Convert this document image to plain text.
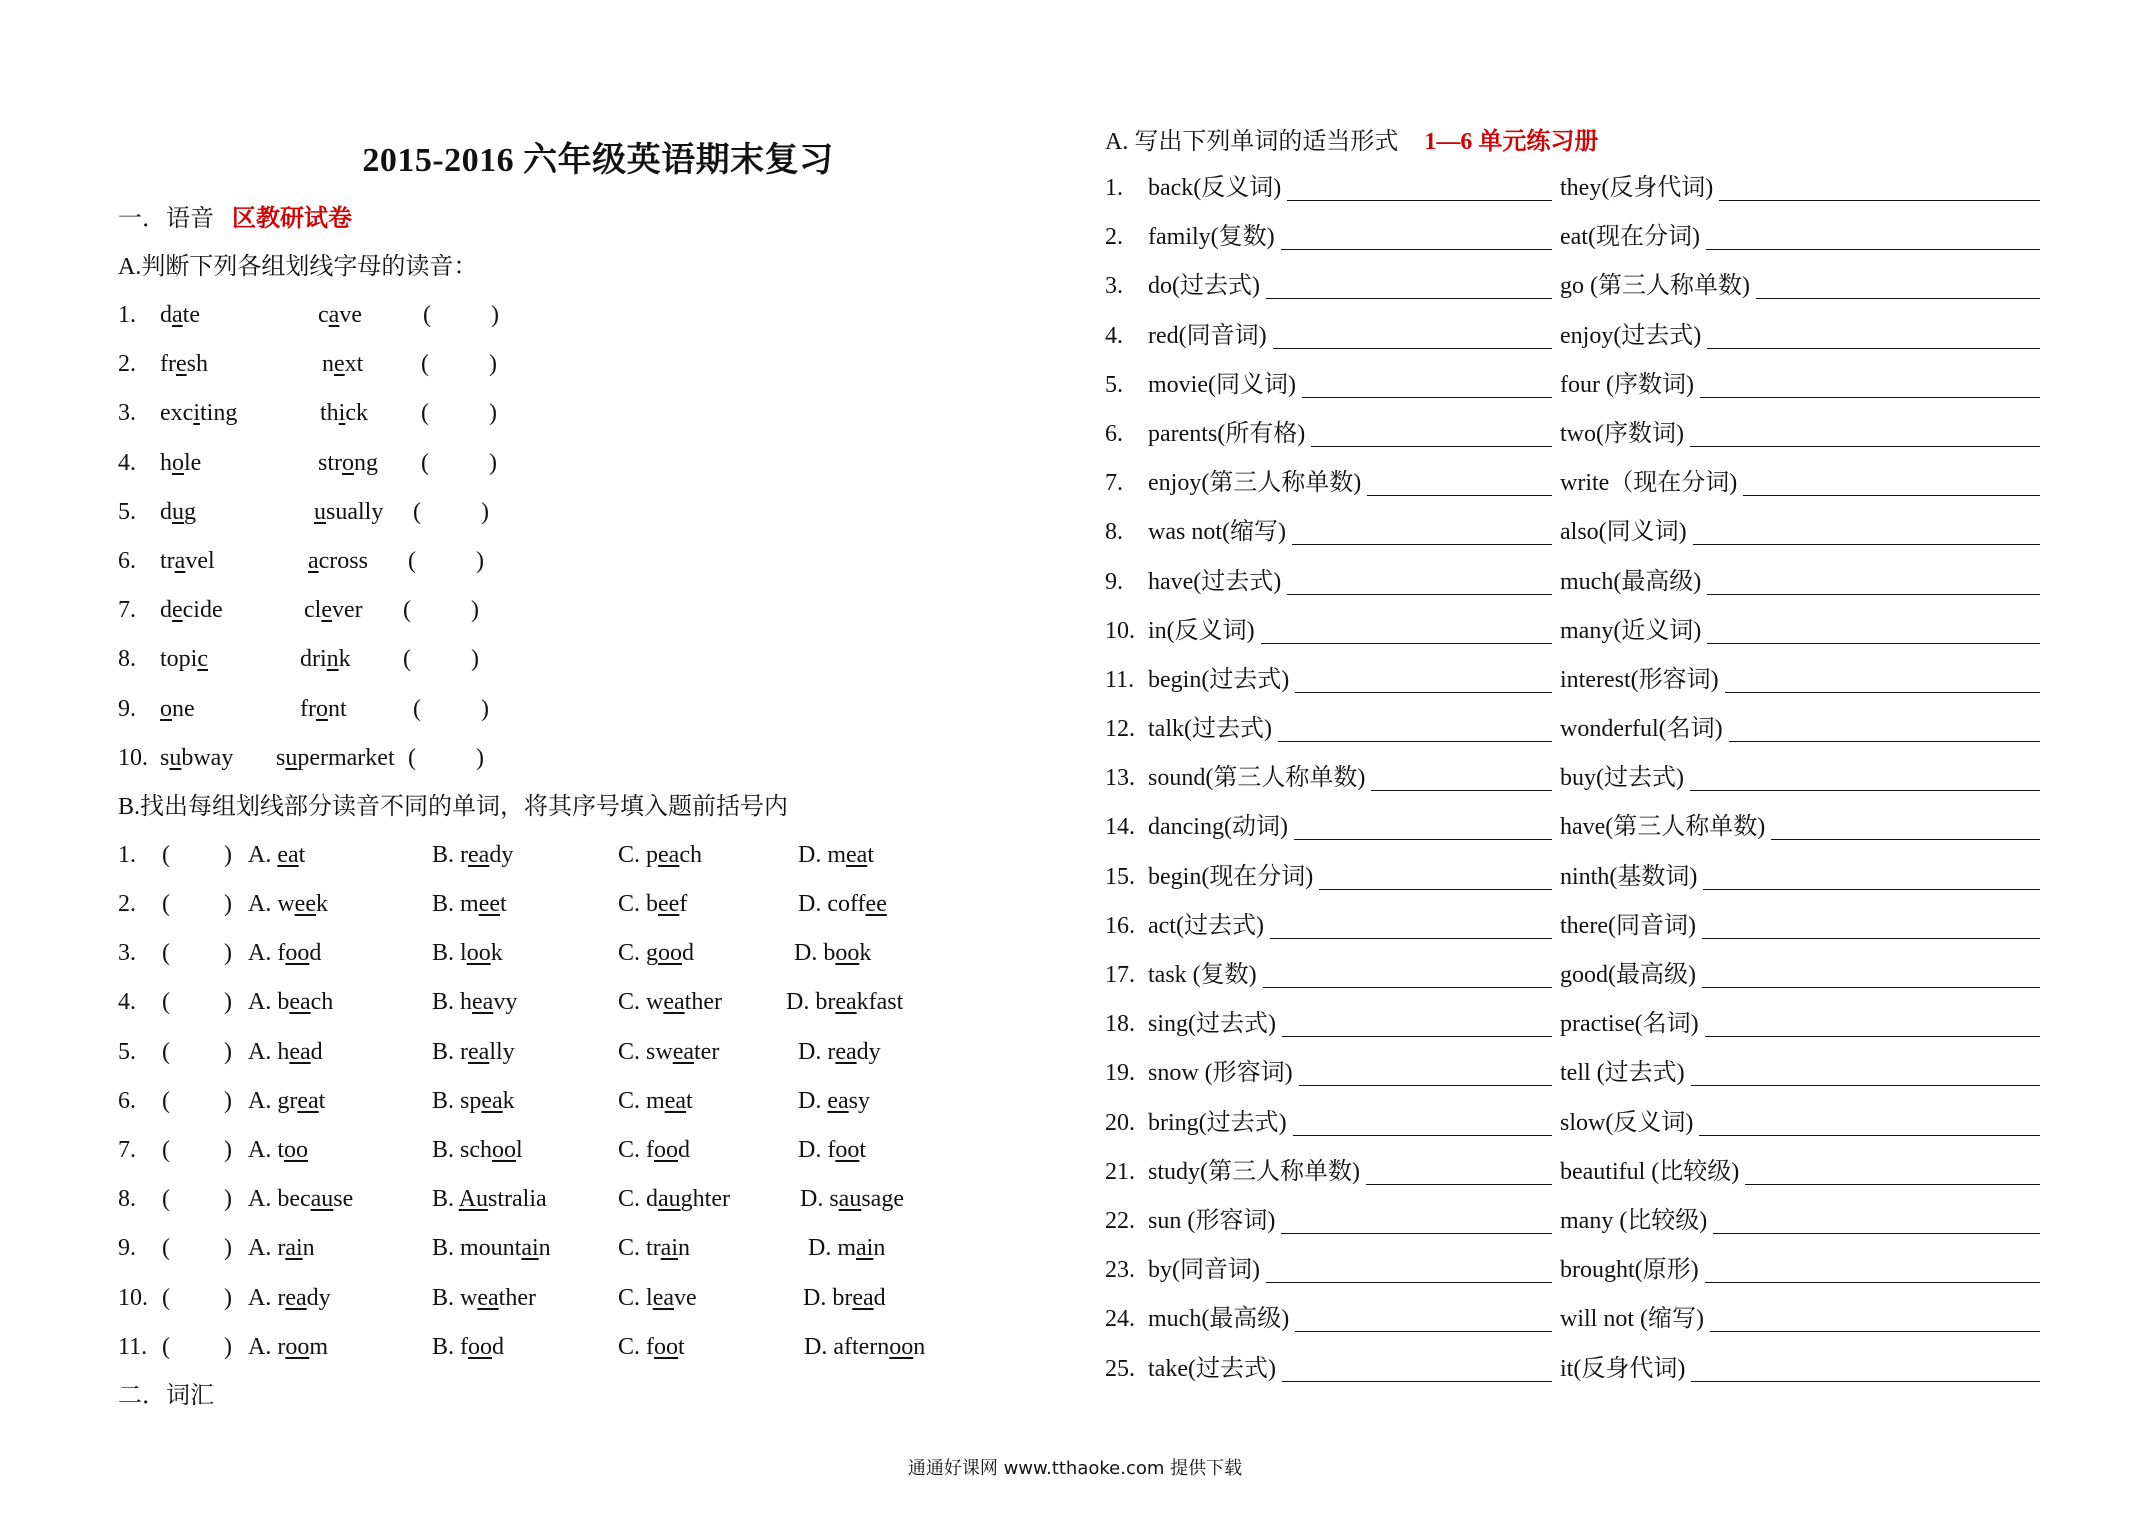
2015-2016 六年级英语期末复习
一．语音 区教研试卷
A.判断下列各组划线字母的读音：
1. date	cave	(          )
2. fresh	next (          )
3. exciting	thick (          )
4. hole	strong (          )
5. dug	usually (          )
6. travel	across (          )
7. decide	clever (          )
8. topic	drink (          )
9. one	front	(          )
10. subway supermarket (          )
B.找出每组划线部分读音不同的单词，将其序号填入题前括号内
1. (         ) A. eat	B. ready	C. peach	D. meat
2. (         ) A. week	B. meet	C. beef	D. coffee
3. (         ) A. food	B. look	C. good	D. book
4. (         ) A. beach	B. heavy	C. weather	D. breakfast
5. (         ) A. head	B. really	C. sweater	D. ready
6. (         ) A. great	B. speak	C. meat	D. easy
7. (         ) A. too	B. school	C. food	D. foot
8. (         ) A. because	B. Australia	C. daughter	D. sausage
9. (         ) A. rain	B. mountain	C. train	D. main
10. (         ) A. ready	B. weather	C. leave	D. bread
11. (         ) A. room	B. food	C. foot	D. afternoon
二．词汇
A. 写出下列单词的适当形式 1—6 单元练习册
1. back(反义词)	they(反身代词)
2. family(复数)	eat(现在分词)
3. do(过去式)	go (第三人称单数)
4. red(同音词)	enjoy(过去式)
5. movie(同义词)	four (序数词)
6. parents(所有格)	two(序数词)
7. enjoy(第三人称单数)	write（现在分词)
8. was not(缩写)	also(同义词)
9. have(过去式)	much(最高级)
10. in(反义词)	many(近义词)
11. begin(过去式)	interest(形容词)
12. talk(过去式)	wonderful(名词)
13. sound(第三人称单数)	buy(过去式)
14. dancing(动词)	have(第三人称单数)
15. begin(现在分词)	ninth(基数词)
16. act(过去式)	there(同音词)
17. task (复数)	good(最高级)
18. sing(过去式)	practise(名词)
19. snow (形容词)	tell (过去式)
20. bring(过去式)	slow(反义词)
21. study(第三人称单数)	beautiful (比较级)
22. sun (形容词)	many (比较级)
23. by(同音词)	brought(原形)
24. much(最高级)	will not (缩写)
25. take(过去式)	it(反身代词)
通通好课网 www.tthaoke.com 提供下载
